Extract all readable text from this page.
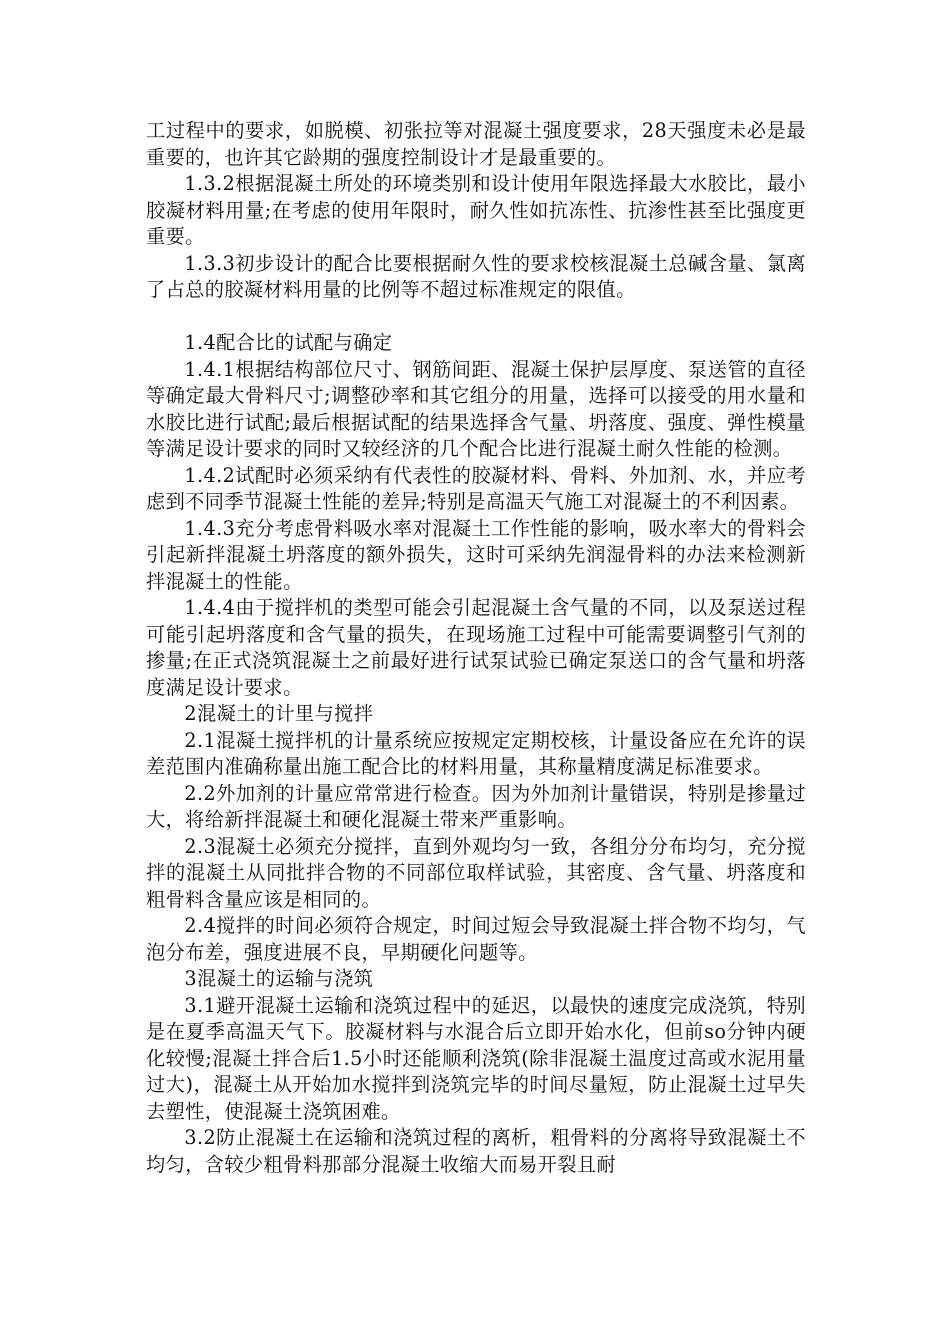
工过程中的要求，如脱模、初张拉等对混凝土强度要求，28天强度未必是最重要的，也许其它龄期的强度控制设计才是最重要的。

1.3.2根据混凝土所处的环境类别和设计使用年限选择最大水胶比，最小胶凝材料用量;在考虑的使用年限时，耐久性如抗冻性、抗渗性甚至比强度更重要。

1.3.3初步设计的配合比要根据耐久性的要求校核混凝土总碱含量、氯离了占总的胶凝材料用量的比例等不超过标准规定的限值。

1.4配合比的试配与确定

1.4.1根据结构部位尺寸、钢筋间距、混凝土保护层厚度、泵送管的直径等确定最大骨料尺寸;调整砂率和其它组分的用量，选择可以接受的用水量和水胶比进行试配;最后根据试配的结果选择含气量、坍落度、强度、弹性模量等满足设计要求的同时又较经济的几个配合比进行混凝土耐久性能的检测。

1.4.2试配时必须采纳有代表性的胶凝材料、骨料、外加剂、水，并应考虑到不同季节混凝土性能的差异;特别是高温天气施工对混凝土的不利因素。

1.4.3充分考虑骨料吸水率对混凝土工作性能的影响，吸水率大的骨料会引起新拌混凝土坍落度的额外损失，这时可采纳先润湿骨料的办法来检测新拌混凝土的性能。

1.4.4由于搅拌机的类型可能会引起混凝土含气量的不同，以及泵送过程可能引起坍落度和含气量的损失，在现场施工过程中可能需要调整引气剂的掺量;在正式浇筑混凝土之前最好进行试泵试验已确定泵送口的含气量和坍落度满足设计要求。

2混凝土的计里与搅拌

2.1混凝土搅拌机的计量系统应按规定定期校核，计量设备应在允许的误差范围内准确称量出施工配合比的材料用量，其称量精度满足标准要求。

2.2外加剂的计量应常常进行检查。因为外加剂计量错误，特别是掺量过大，将给新拌混凝土和硬化混凝土带来严重影响。

2.3混凝土必须充分搅拌，直到外观均匀一致，各组分分布均匀，充分搅拌的混凝土从同批拌合物的不同部位取样试验，其密度、含气量、坍落度和粗骨料含量应该是相同的。

2.4搅拌的时间必须符合规定，时间过短会导致混凝土拌合物不均匀，气泡分布差，强度进展不良，早期硬化问题等。

3混凝土的运输与浇筑

3.1避开混凝土运输和浇筑过程中的延迟，以最快的速度完成浇筑，特别是在夏季高温天气下。胶凝材料与水混合后立即开始水化，但前so分钟内硬化较慢;混凝土拌合后1.5小时还能顺利浇筑(除非混凝土温度过高或水泥用量过大)，混凝土从开始加水搅拌到浇筑完毕的时间尽量短，防止混凝土过早失去塑性，使混凝土浇筑困难。

3.2防止混凝土在运输和浇筑过程的离析，粗骨料的分离将导致混凝土不均匀，含较少粗骨料那部分混凝土收缩大而易开裂且耐
